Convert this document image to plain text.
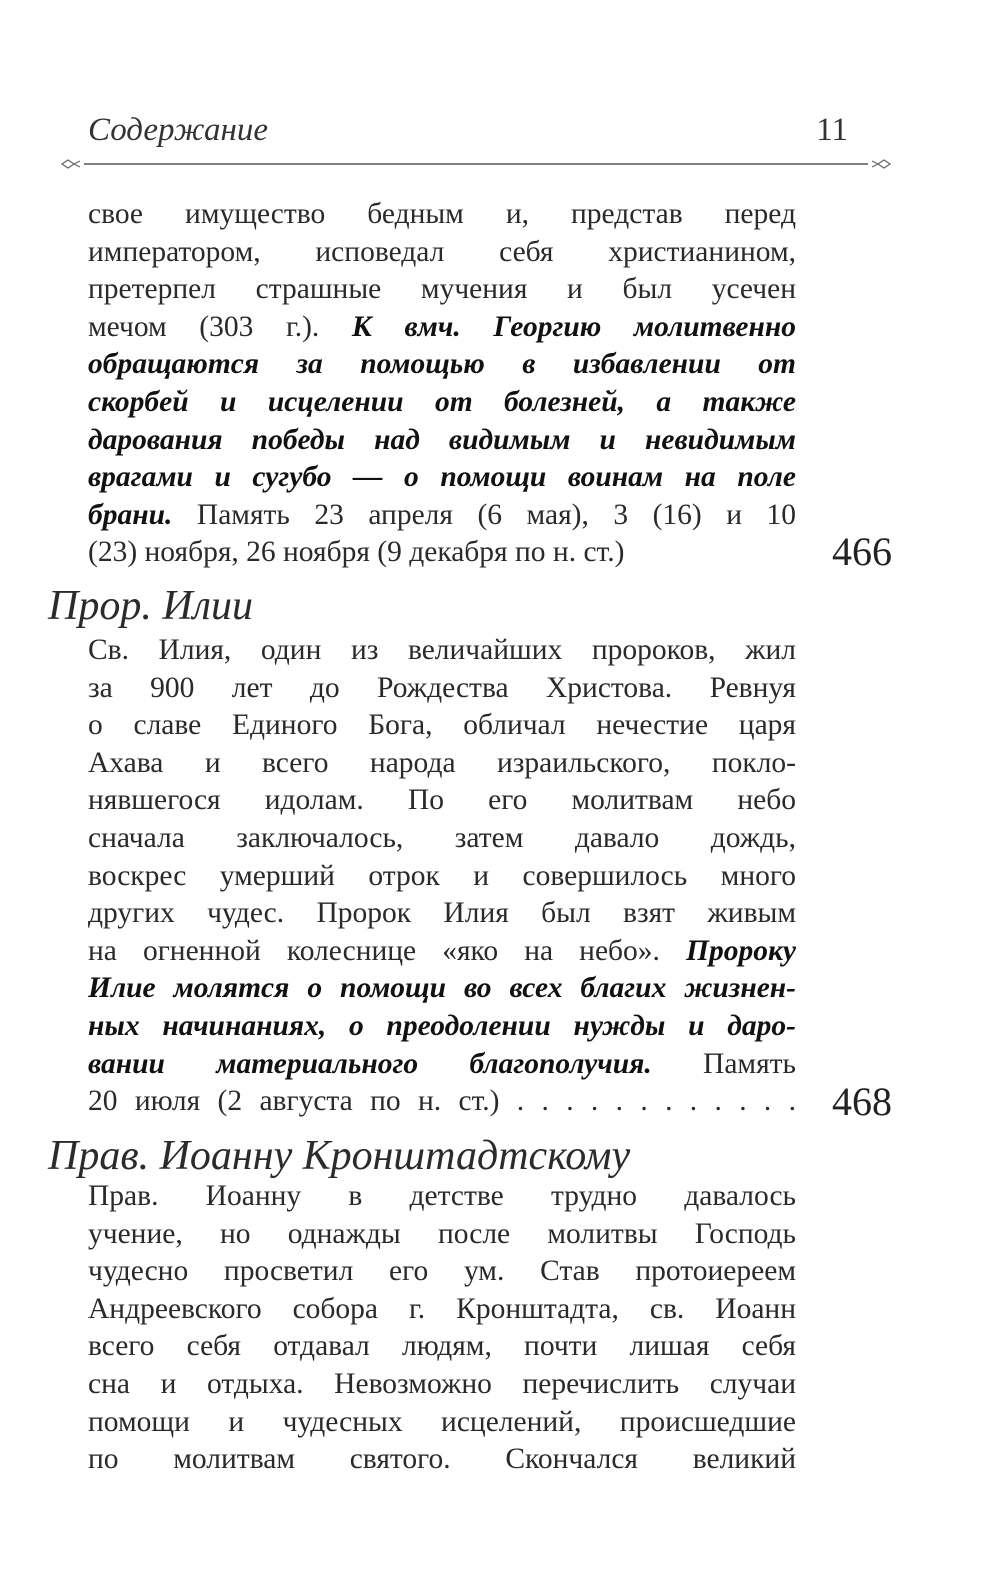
Содержание	11
свое имущество бедным и, представ перед
императором, исповедал себя христианином,
претерпел страшные мучения и был усечен
мечом (303 г.). К вмч. Георгию молитвенно
обращаются за помощью в избавлении от
скорбей и исцелении от болезней, а также
дарования победы над видимым и невидимым
врагами и сугубо — о помощи воинам на поле
брани. Память 23 апреля (6 мая), 3 (16) и 10
(23) ноября, 26 ноября (9 декабря по н. ст.)	466
Прор. Илии
Св. Илия, один из величайших пророков, жил
за 900 лет до Рождества Христова. Ревнуя
о славе Единого Бога, обличал нечестие царя
Ахава и всего народа израильского, покло-
нявшегося идолам. По его молитвам небо
сначала заключалось, затем давало дождь,
воскрес умерший отрок и совершилось много
других чудес. Пророк Илия был взят живым
на огненной колеснице «яко на небо». Пророку
Илие молятся о помощи во всех благих жизнен-
ных начинаниях, о преодолении нужды и даро-
вании материального благополучия. Память
20 июля (2 августа по н. ст.) . . . . . . . . . . . . 468
Прав. Иоанну Кронштадтскому
Прав. Иоанну в детстве трудно давалось
учение, но однажды после молитвы Господь
чудесно просветил его ум. Став протоиереем
Андреевского собора г. Кронштадта, св. Иоанн
всего себя отдавал людям, почти лишая себя
сна и отдыха. Невозможно перечислить случаи
помощи и чудесных исцелений, происшедшие
по молитвам святого. Скончался великий
